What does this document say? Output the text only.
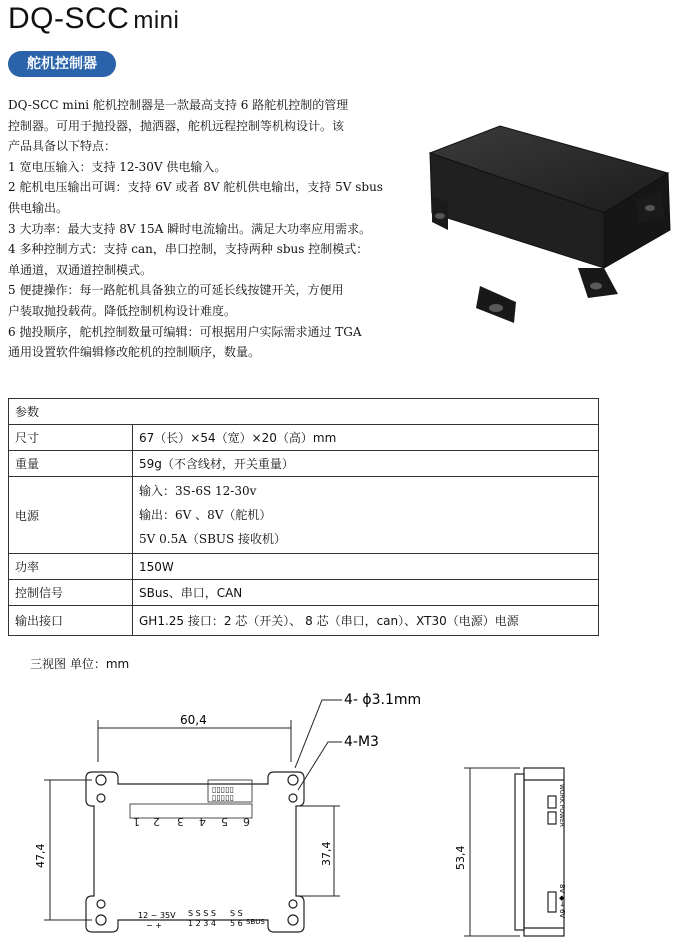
DQ-SCC mini
舵机控制器

DQ-SCC mini 舵机控制器是一款最高支持 6 路舵机控制的管理

控制器。可用于抛投器，抛洒器，舵机远程控制等机构设计。该

产品具备以下特点：

1 宽电压输入：支持 12-30V 供电输入。

2 舵机电压输出可调：支持 6V 或者 8V 舵机供电输出，支持 5V sbus

供电输出。

3 大功率：最大支持 8V 15A 瞬时电流输出。满足大功率应用需求。

4 多种控制方式：支持 can，串口控制，支持两种 sbus 控制模式：

单通道，双通道控制模式。

5 便捷操作：每一路舵机具备独立的可延长线按键开关，方便用

户装取抛投载荷。降低控制机构设计难度。

6 抛投顺序，舵机控制数量可编辑：可根据用户实际需求通过 TGA

通用设置软件编辑修改舵机的控制顺序，数量。

参数	
尺寸	67（长）×54（宽）×20（高）mm
重量	59g（不含线材，开关重量）
电源	输入：3S-6S 12-30v
输出：6V 、8V（舵机）
5V 0.5A（SBUS 接收机）

功率	150W
控制信号	SBus、串口，CAN
输出接口	GH1.25 接口：2 芯（开关）、 8 芯（串口，can）、XT30（电源）电源
三视图 单位：mm
60,4
4- ϕ3.1mm
4-M3
▯▯▯▯▯
▯▯▯▯▯
1 2 3 4 5 6
12 ~ 35V
− +
S S S S
1 2 3 4
S S
5 6 SBUS
47,4	37,4
WORK POWER
8V ◆→ 6V
53,4
